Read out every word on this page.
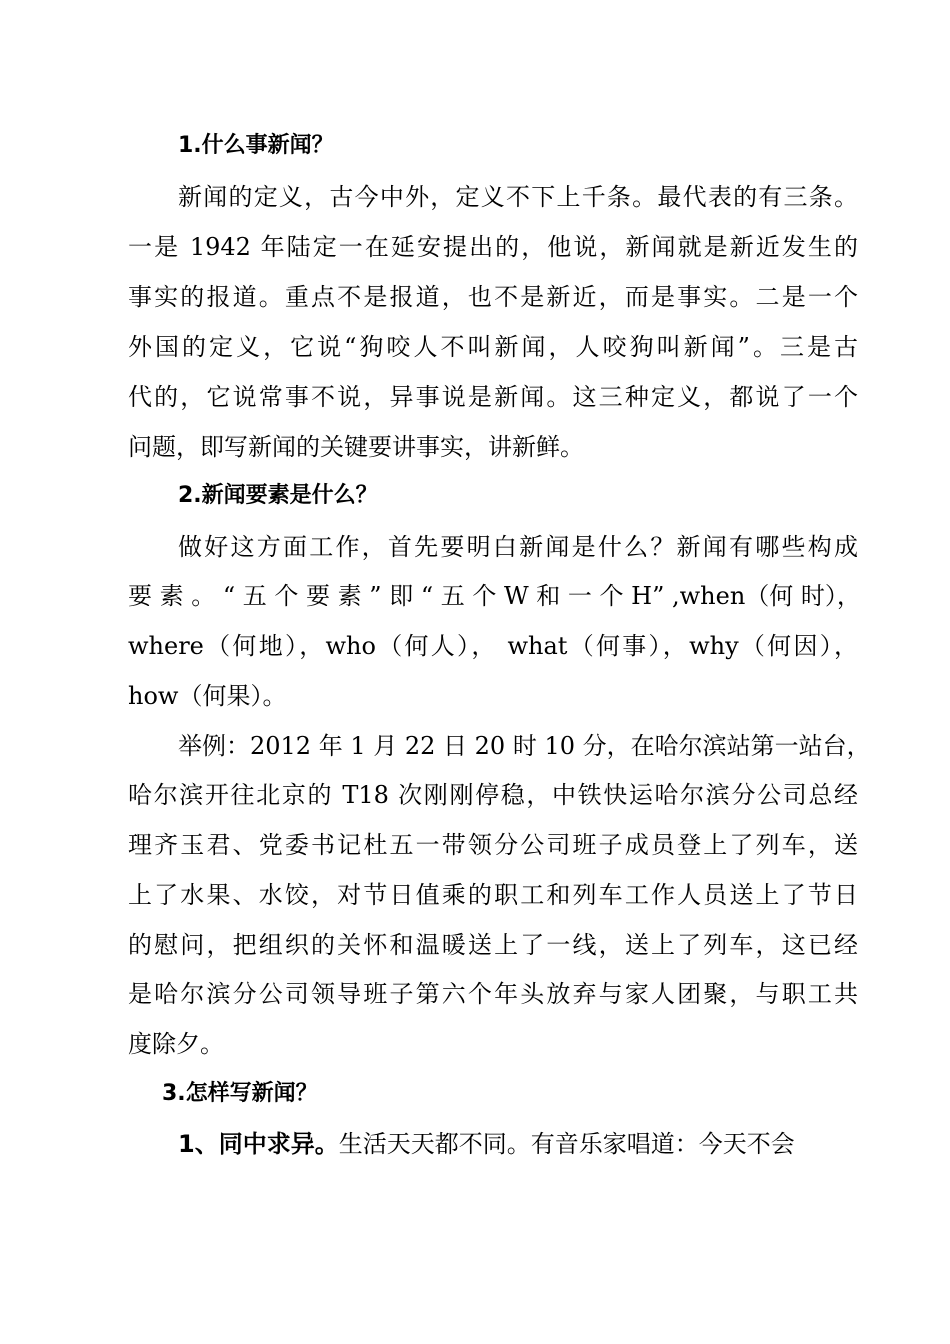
1.什么事新闻？
新闻的定义，古今中外，定义不下上千条。最代表的有三条。
一是 1942 年陆定一在延安提出的，他说，新闻就是新近发生的
事实的报道。重点不是报道，也不是新近，而是事实。二是一个
外国的定义，它说“狗咬人不叫新闻，人咬狗叫新闻”。三是古
代的，它说常事不说，异事说是新闻。这三种定义，都说了一个
问题，即写新闻的关键要讲事实，讲新鲜。
2.新闻要素是什么？
做好这方面工作，首先要明白新闻是什么？新闻有哪些构成
要 素 。 “ 五 个 要 素 ” 即 “ 五 个 W 和 一 个 H” ,when（何 时），
where（何地），who（何人）， what（何事），why（何因），
how（何果）。
举例：2012 年 1 月 22 日 20 时 10 分，在哈尔滨站第一站台，
哈尔滨开往北京的 T18 次刚刚停稳，中铁快运哈尔滨分公司总经
理齐玉君、党委书记杜五一带领分公司班子成员登上了列车，送
上了水果、水饺，对节日值乘的职工和列车工作人员送上了节日
的慰问，把组织的关怀和温暖送上了一线，送上了列车，这已经
是哈尔滨分公司领导班子第六个年头放弃与家人团聚，与职工共
度除夕。
3.怎样写新闻？
1、同中求异。生活天天都不同。有音乐家唱道：今天不会
